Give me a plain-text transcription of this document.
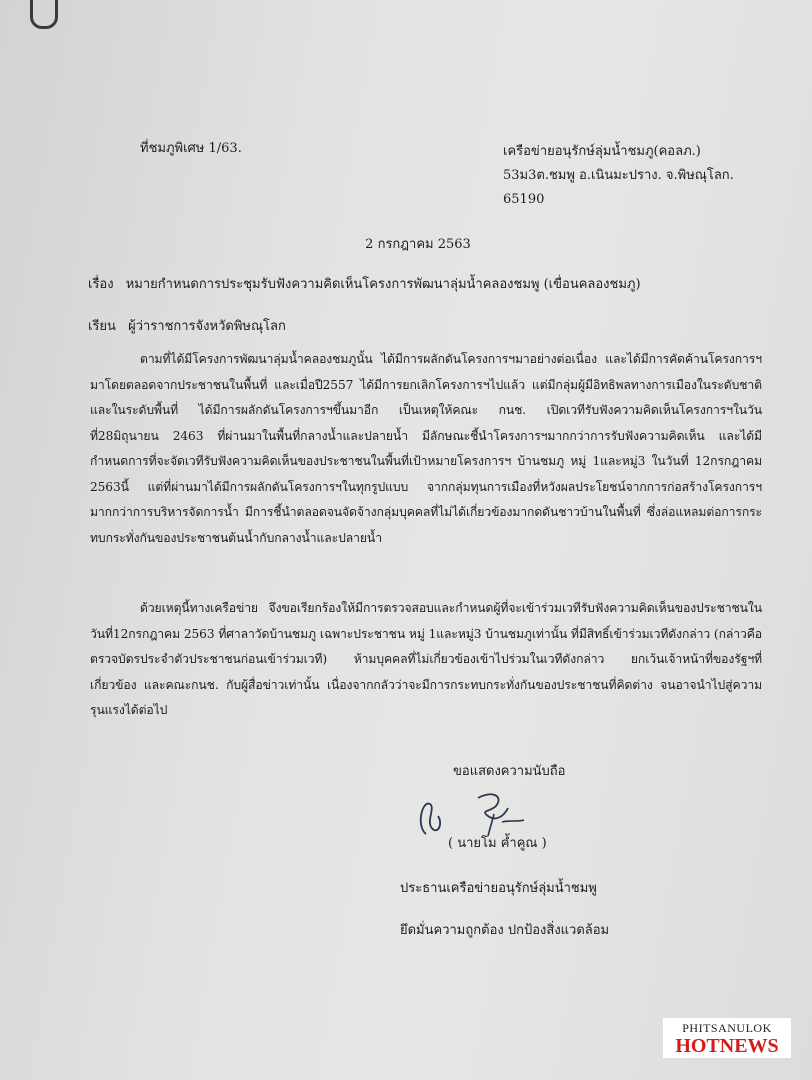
ที่ชมภูพิเศษ 1/63.	เครือข่ายอนุรักษ์ลุ่มน้ำชมภู(คอลภ.)
53ม3ต.ชมพู อ.เนินมะปราง. จ.พิษณุโลก.
65190
2 กรกฎาคม 2563
เรื่อง หมายกำหนดการประชุมรับฟังความคิดเห็นโครงการพัฒนาลุ่มน้ำคลองชมพู (เขื่อนคลองชมภู)
เรียน ผู้ว่าราชการจังหวัดพิษณุโลก

ตามที่ได้มีโครงการพัฒนาลุ่มน้ำคลองชมภูนั้น ได้มีการผลักดันโครงการฯมาอย่างต่อเนื่อง และได้มีการคัดค้านโครงการฯมาโดยตลอดจากประชาชนในพื้นที่ และเมื่อปี2557 ได้มีการยกเลิกโครงการฯไปแล้ว แต่มีกลุ่มผู้มีอิทธิพลทางการเมืองในระดับชาติและในระดับพื้นที่ ได้มีการผลักดันโครงการฯขึ้นมาอีก เป็นเหตุให้คณะ กนช. เปิดเวทีรับฟังความคิดเห็นโครงการฯในวันที่28มิถุนายน 2463 ที่ผ่านมาในพื้นที่กลางน้ำและปลายน้ำ มีลักษณะชี้นำโครงการฯมากกว่าการรับฟังความคิดเห็น และได้มีกำหนดการที่จะจัดเวทีรับฟังความคิดเห็นของประชาชนในพื้นที่เป้าหมายโครงการฯ บ้านชมภู หมู่ 1และหมู่3 ในวันที่ 12กรกฎาคม 2563นี้ แต่ที่ผ่านมาได้มีการผลักดันโครงการฯในทุกรูปแบบ จากกลุ่มทุนการเมืองที่หวังผลประโยชน์จากการก่อสร้างโครงการฯมากกว่าการบริหารจัดการน้ำ มีการชี้นำตลอดจนจัดจ้างกลุ่มบุคคลที่ไม่ได้เกี่ยวข้องมากดดันชาวบ้านในพื้นที่ ซึ่งล่อแหลมต่อการกระทบกระทั่งกันของประชาชนต้นน้ำกับกลางน้ำและปลายน้ำ

ด้วยเหตุนี้ทางเครือข่าย จึงขอเรียกร้องให้มีการตรวจสอบและกำหนดผู้ที่จะเข้าร่วมเวทีรับฟังความคิดเห็นของประชาชนในวันที่12กรกฎาคม 2563 ที่ศาลาวัดบ้านชมภู เฉพาะประชาชน หมู่ 1และหมู่3 บ้านชมภูเท่านั้น ที่มีสิทธิ์เข้าร่วมเวทีดังกล่าว (กล่าวคือตรวจบัตรประจำตัวประชาชนก่อนเข้าร่วมเวที) ห้ามบุคคลที่ไม่เกี่ยวข้องเข้าไปร่วมในเวทีดังกล่าว ยกเว้นเจ้าหน้าที่ของรัฐฯที่เกี่ยวข้อง และคณะกนช. กับผู้สื่อข่าวเท่านั้น เนื่องจากกลัวว่าจะมีการกระทบกระทั่งกันของประชาชนที่คิดต่าง จนอาจนำไปสู่ความรุนแรงได้ต่อไป

ขอแสดงความนับถือ
( นายโม ค้ำคูณ )
ประธานเครือข่ายอนุรักษ์ลุ่มน้ำชมพู
ยึดมั่นความถูกต้อง ปกป้องสิ่งแวดล้อม
PHITSANULOK
HOTNEWS
